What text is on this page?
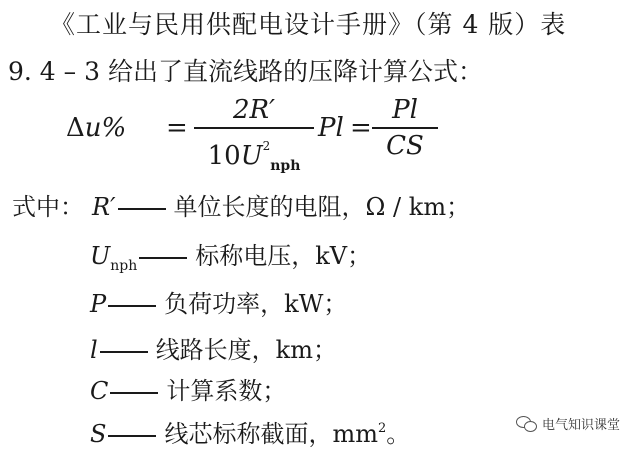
《工业与民用供配电设计手册》（第 4 版）表
9. 4 – 3 给出了直流线路的压降计算公式：
Δu% =
2R′
$10U^2_{nph}$
Pl =
Pl
CS
式中： R′ 单位长度的电阻，Ω / km；
$U_{nph}$ 标称电压，kV；
P 负荷功率，kW；
l 线路长度，km；
C 计算系数；
S 线芯标称截面，$mm^2$。	电气知识课堂
